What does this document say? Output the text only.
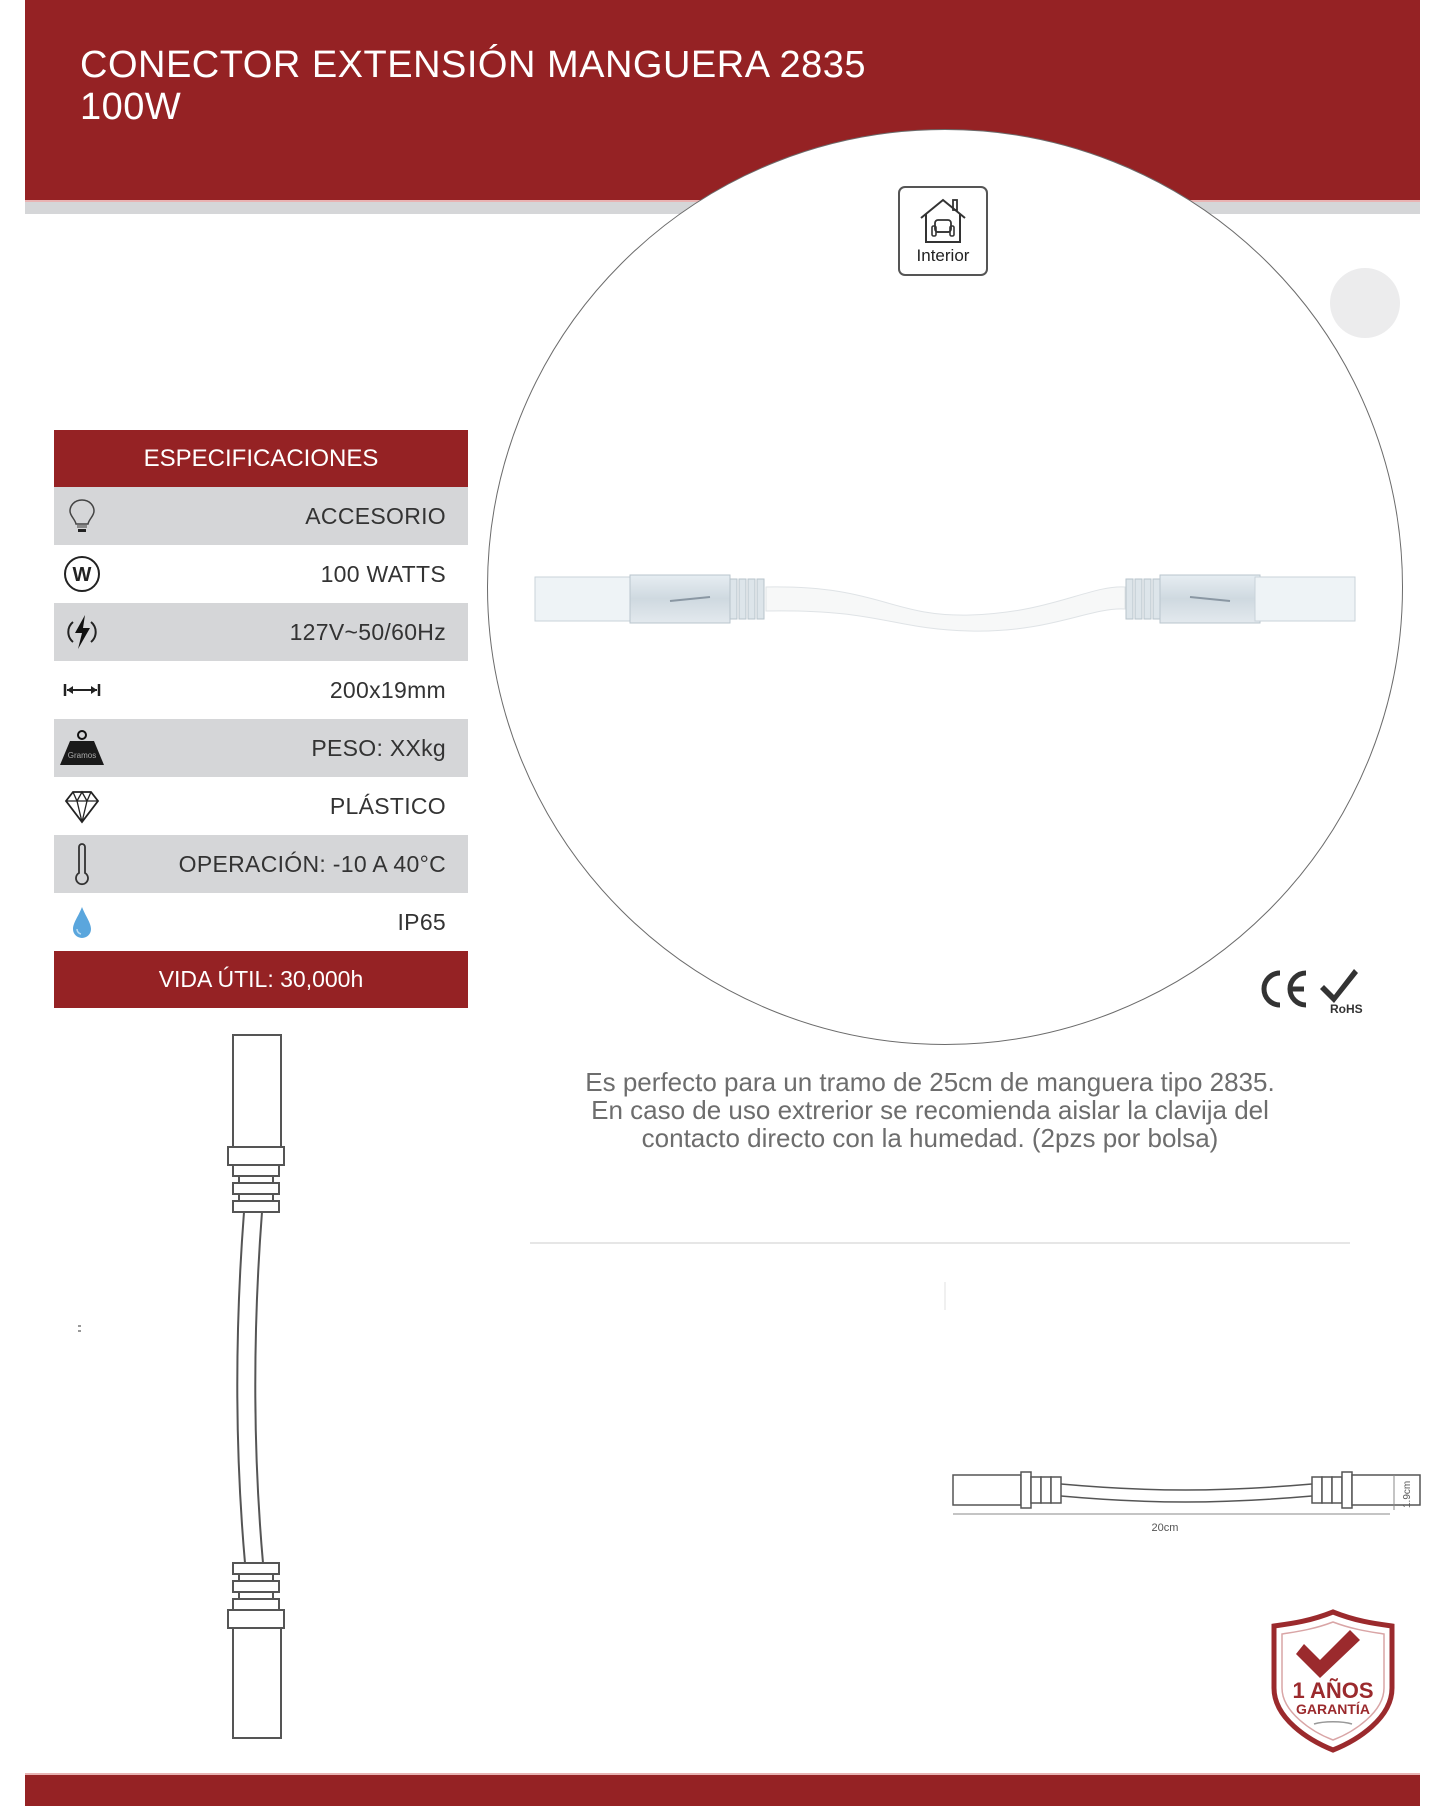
CONECTOR EXTENSIÓN MANGUERA 2835
100W
Interior
RoHS
ESPECIFICACIONES
ACCESORIO
W	100 WATTS
127V~50/60Hz
200x19mm
Gramos	PESO: XXkg
PLÁSTICO
OPERACIÓN: -10 A 40°C
IP65
VIDA ÚTIL: 30,000h

Es perfecto para un tramo de 25cm de manguera tipo 2835.
En caso de uso extrerior se recomienda aislar la clavija del
contacto directo con la humedad. (2pzs por bolsa)

20cm
1.9cm
1 AÑOS
GARANTÍA
